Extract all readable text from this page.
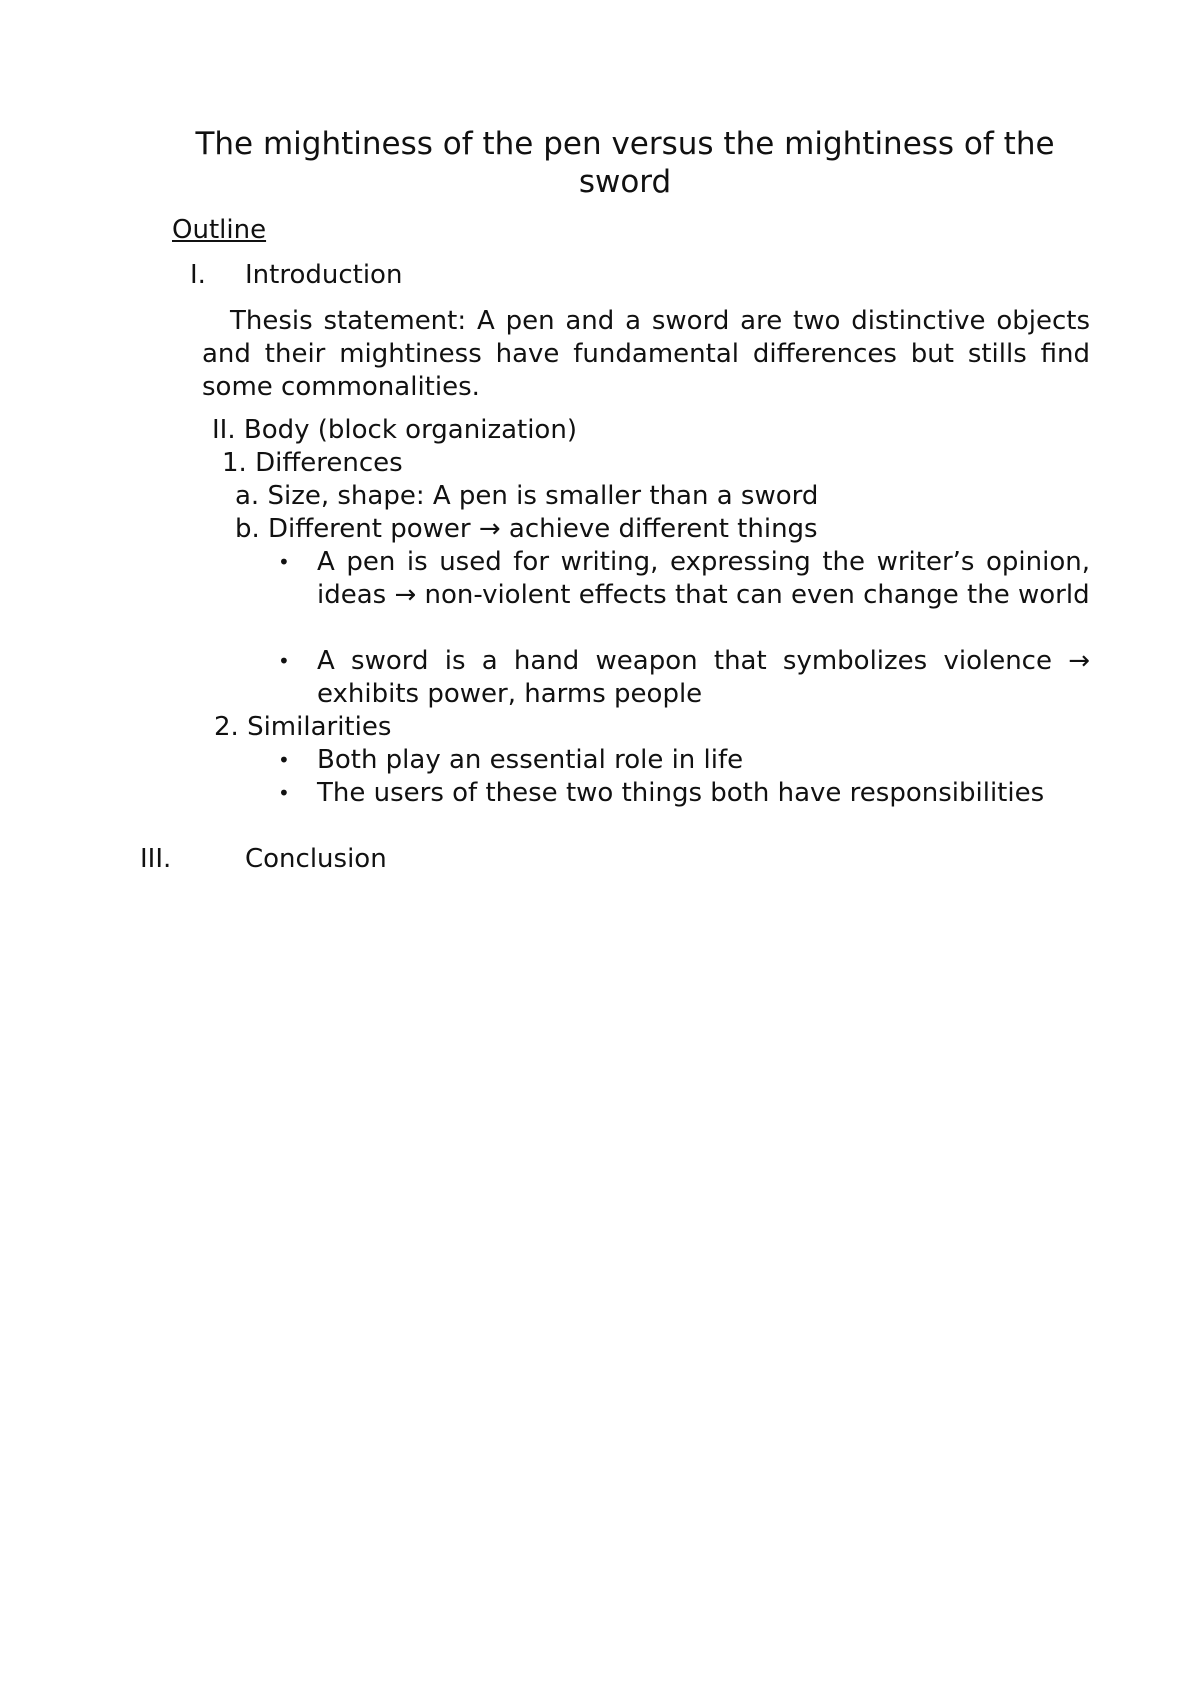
The mightiness of the pen versus the mightiness of the sword
Outline
I. Introduction
Thesis statement: A pen and a sword are two distinctive objects and their mightiness have fundamental differences but stills find some commonalities.
II. Body (block organization)
1. Differences
a. Size, shape: A pen is smaller than a sword
b. Different power → achieve different things
• A pen is used for writing, expressing the writer’s opinion, ideas → non-violent effects that can even change the world
• A sword is a hand weapon that symbolizes violence → exhibits power, harms people
2. Similarities
• Both play an essential role in life
• The users of these two things both have responsibilities
III.	Conclusion
